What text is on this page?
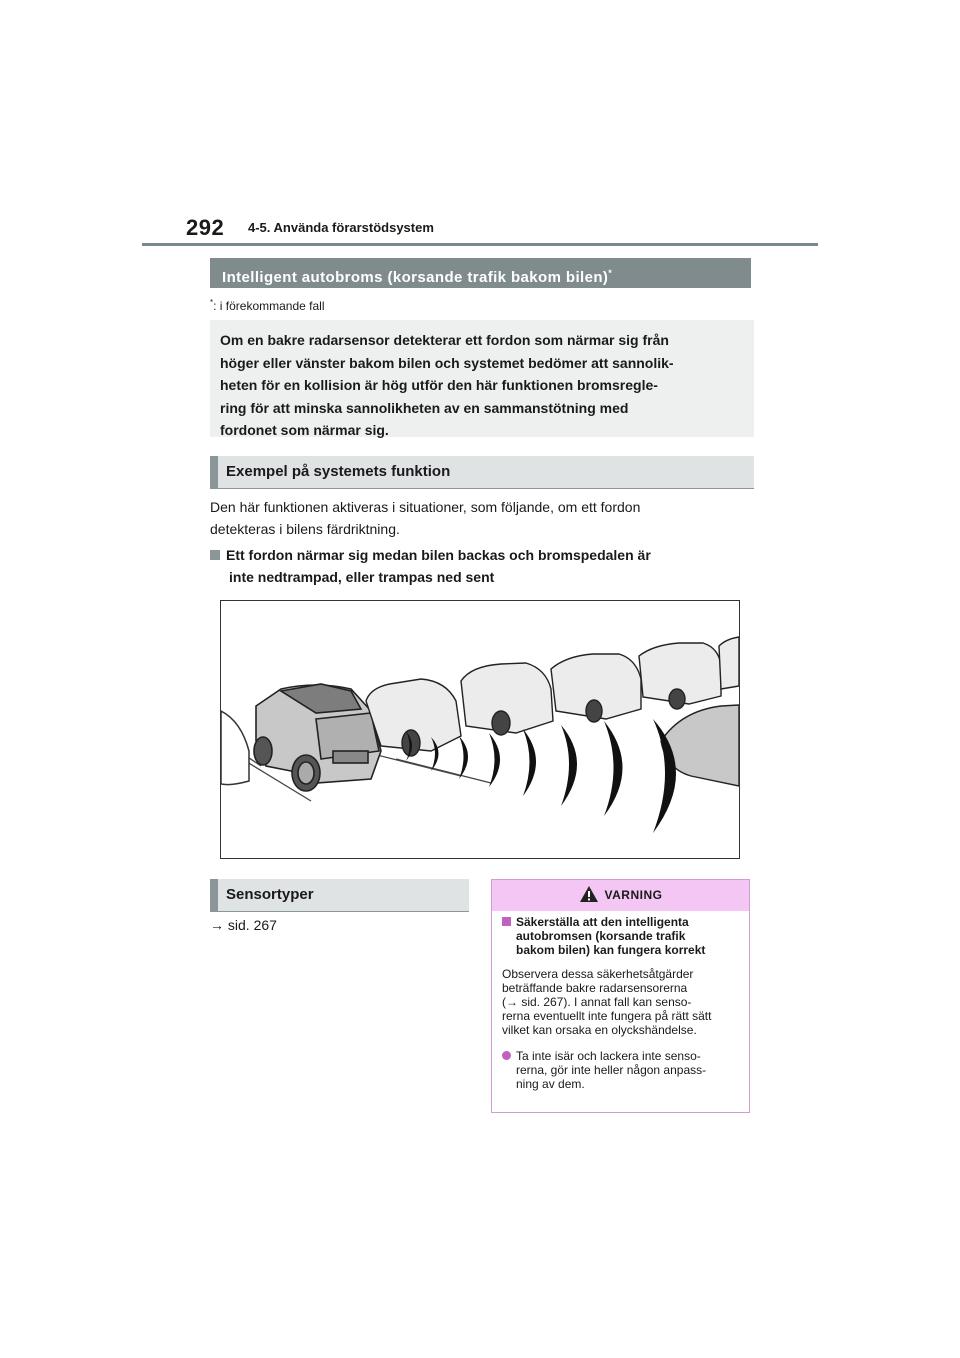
292 4-5. Använda förarstödsystem
Intelligent autobroms (korsande trafik bakom bilen)*
*: i förekommande fall
Om en bakre radarsensor detekterar ett fordon som närmar sig från
höger eller vänster bakom bilen och systemet bedömer att sannolik-
heten för en kollision är hög utför den här funktionen bromsregle-
ring för att minska sannolikheten av en sammanstötning med
fordonet som närmar sig.
Exempel på systemets funktion
Den här funktionen aktiveras i situationer, som följande, om ett fordon
detekteras i bilens färdriktning.
Ett fordon närmar sig medan bilen backas och bromspedalen är
inte nedtrampad, eller trampas ned sent
Sensortyper
→ sid. 267
VARNING
Säkerställa att den intelligenta
autobromsen (korsande trafik
bakom bilen) kan fungera korrekt
Observera dessa säkerhetsåtgärder
beträffande bakre radarsensorerna
(→ sid. 267). I annat fall kan senso-
rerna eventuellt inte fungera på rätt sätt
vilket kan orsaka en olyckshändelse.
Ta inte isär och lackera inte senso-
rerna, gör inte heller någon anpass-
ning av dem.
